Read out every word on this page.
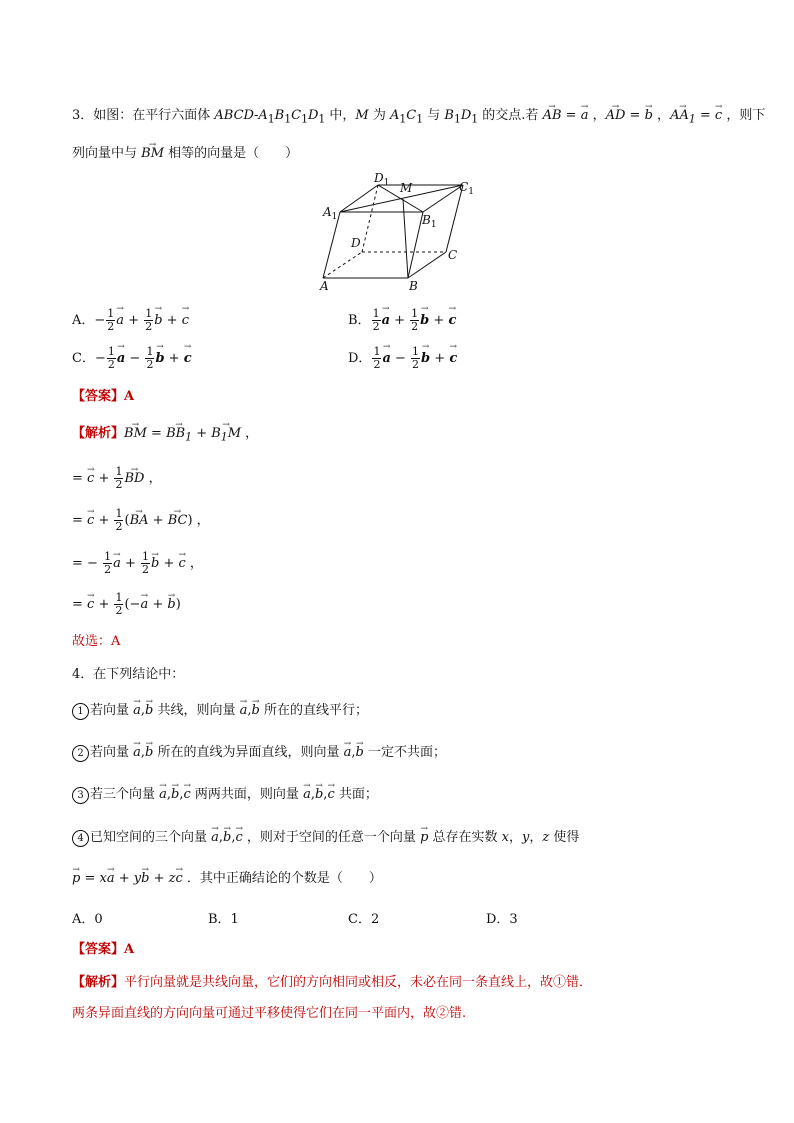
3．如图：在平行六面体 ABCD-$A_1B_1C_1D_1$ 中，M 为 $A_1C_1$ 与 $B_1D_1$ 的交点.若 → AB = → a ，→ AD = → b ，→ $AA_1$ = → c ，则下
列向量中与 → BM 相等的向量是（　　）
$D_1$ M	$C_1$
$A_1$	$B_1$
D
C
A	B
A．− $\frac{1}{2}$
→ $a + \frac{1}{2}$
→ b + → c	B． $\frac{1}{2}$
→ $a + \frac{1}{2}$
→ b + → c
C．− $\frac{1}{2}$
→ $a - \frac{1}{2}$
→ b + → c	D． $\frac{1}{2}$
→ $a - \frac{1}{2}$
→ b + → c
【答案】A
【解析】→ BM = → $BB_1$ + → $B_1M$ ，
= → $c + \frac{1}{2}$
→ BD ，
= → $c + \frac{1}{2}$ (→ BA + → BC) ，
= − $\frac{1}{2}$
→ $a + \frac{1}{2}$
→ b + → c ，
= → $c + \frac{1}{2}$ (−→ a + → b)
故选：A
4．在下列结论中：
1 若向量 → a,→ b 共线，则向量 → a,→ b 所在的直线平行；
2 若向量 → a,→ b 所在的直线为异面直线，则向量 → a,→ b 一定不共面；
3 若三个向量 → a,→ b,→ c 两两共面，则向量 → a,→ b,→ c 共面；
4 已知空间的三个向量 → a,→ b,→ c ，则对于空间的任意一个向量 → p 总存在实数 x，y，z 使得
→ p = x→ a + y→ b + z→ c ．其中正确结论的个数是（　　）
A．0	B．1	C．2	D．3
【答案】A
【解析】平行向量就是共线向量，它们的方向相同或相反，未必在同一条直线上，故①错．
两条异面直线的方向向量可通过平移使得它们在同一平面内，故②错.
